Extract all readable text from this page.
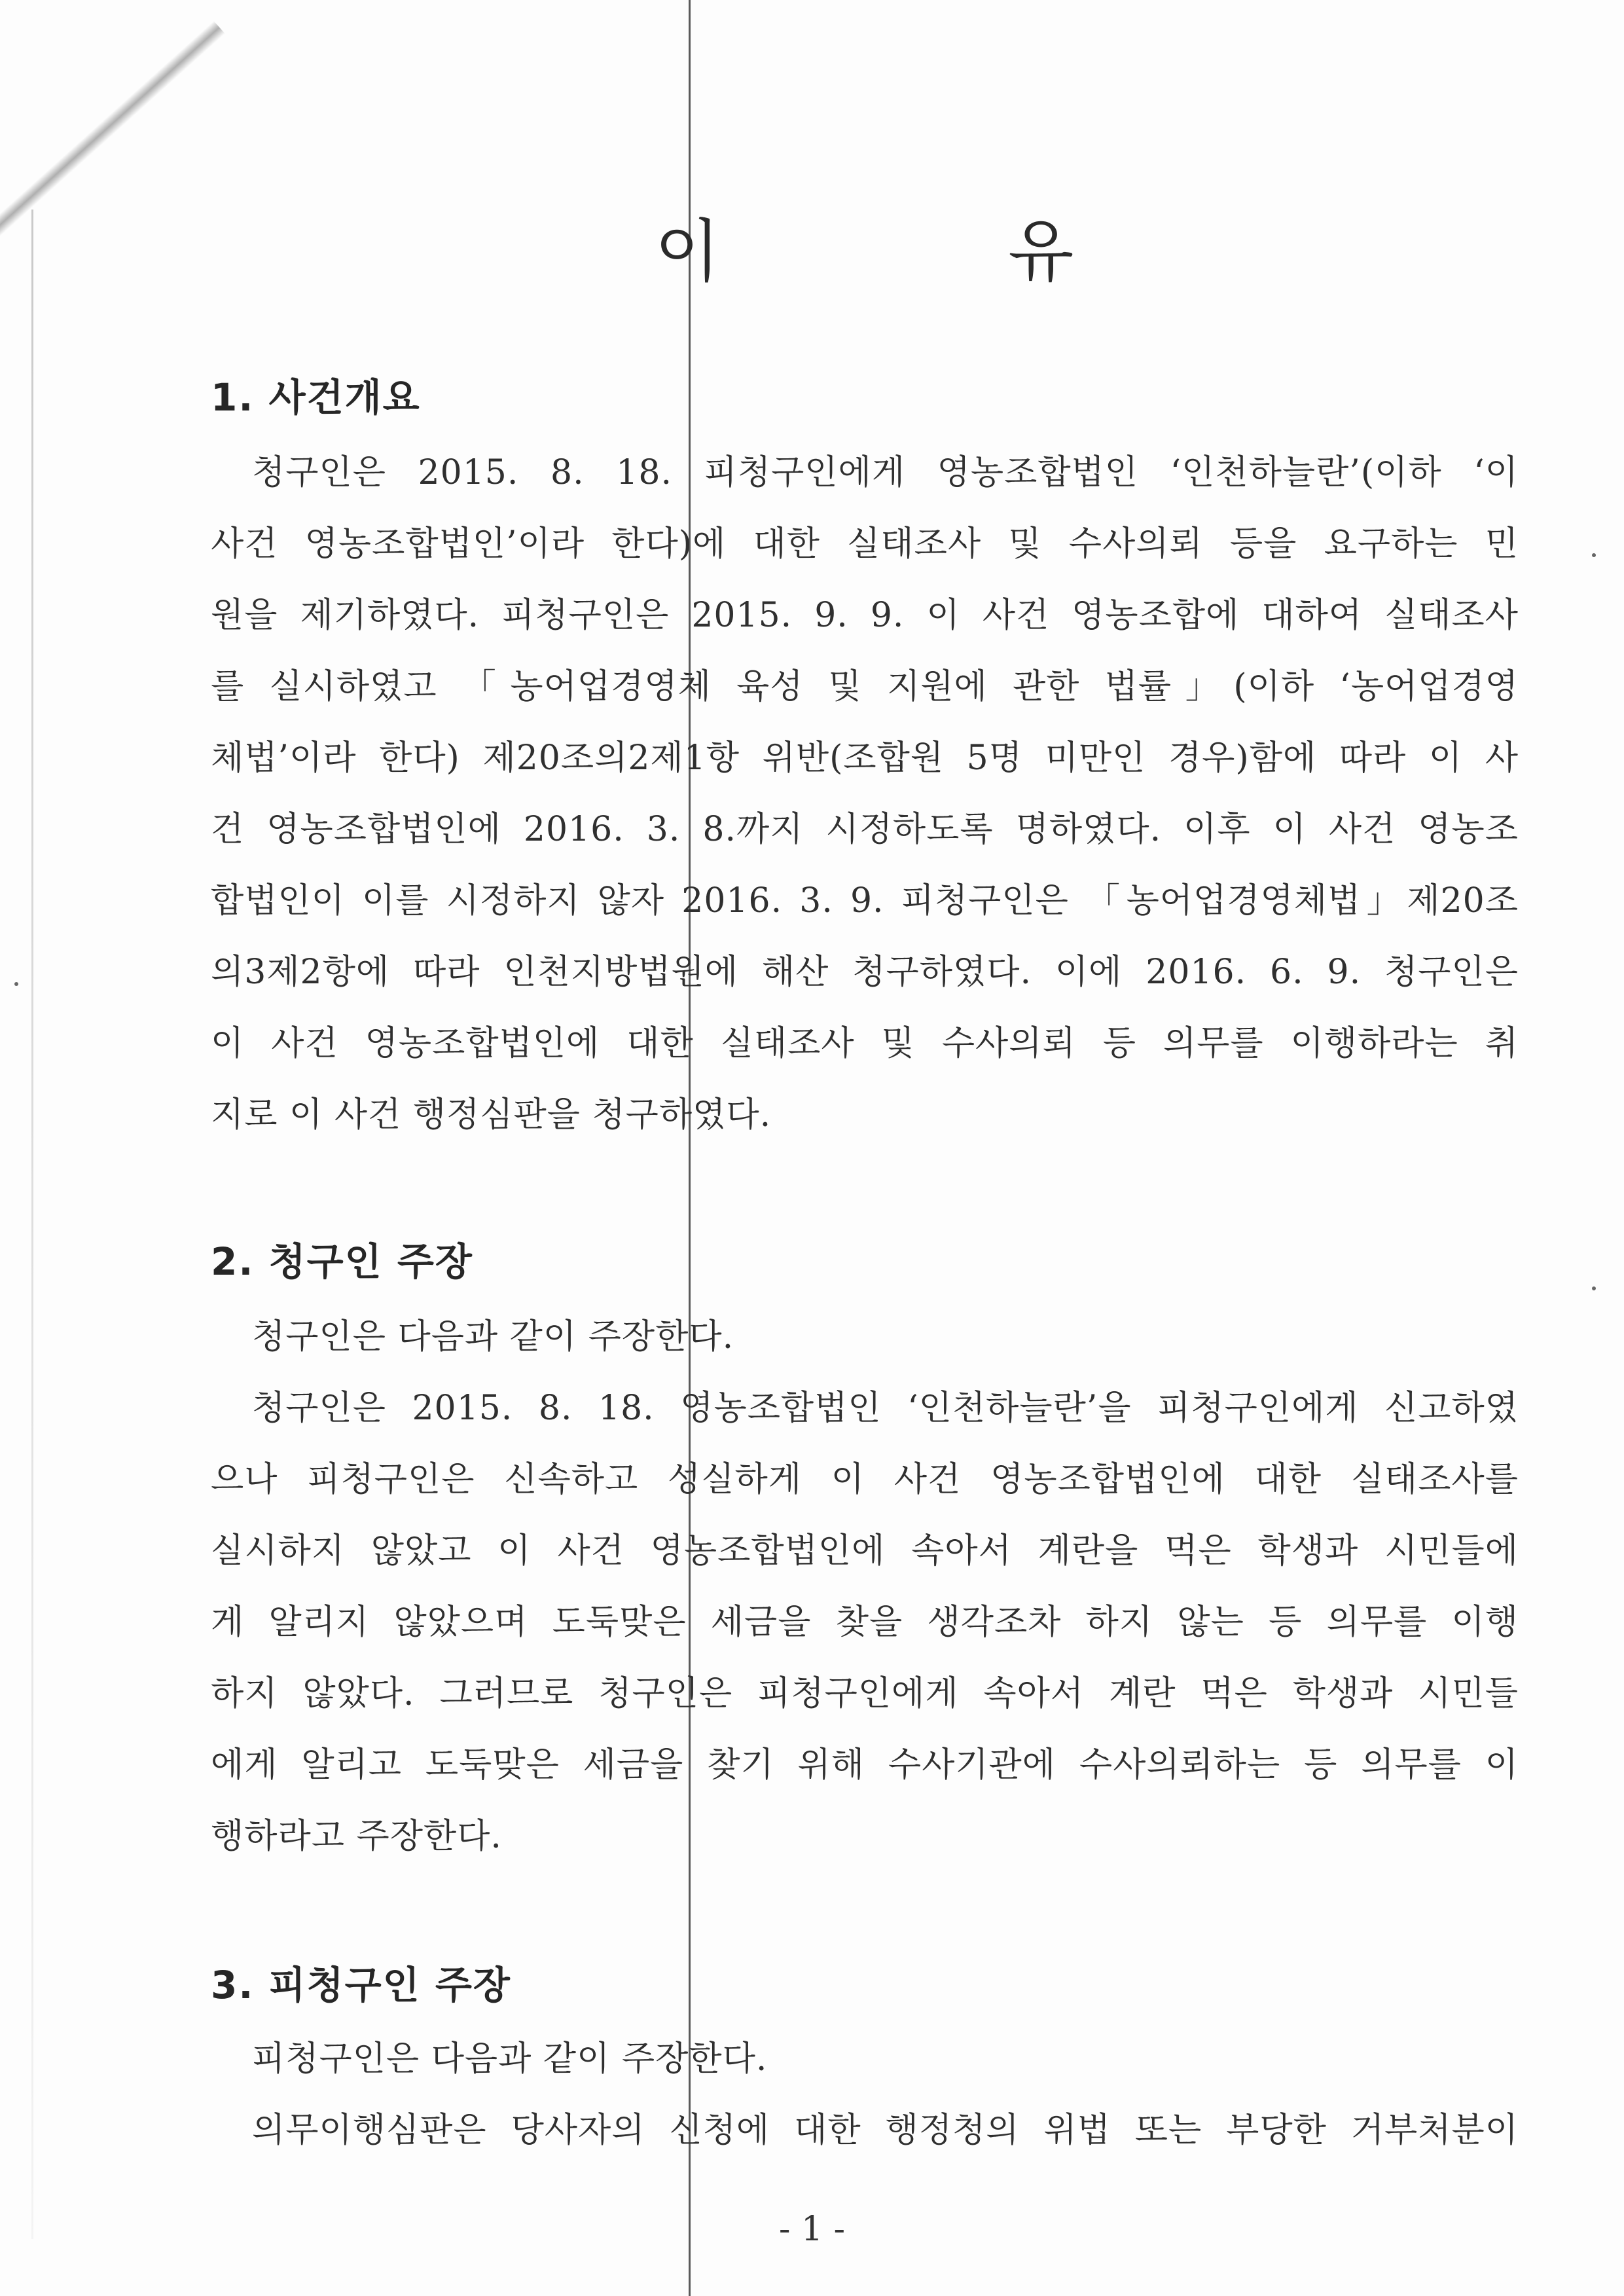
이	유
1. 사건개요
청구인은 2015. 8. 18. 피청구인에게 영농조합법인 ‘인천하늘란’(이하 ‘이
사건 영농조합법인’이라 한다)에 대한 실태조사 및 수사의뢰 등을 요구하는 민
원을 제기하였다. 피청구인은 2015. 9. 9. 이 사건 영농조합에 대하여 실태조사
를 실시하였고 「농어업경영체 육성 및 지원에 관한 법률」(이하 ‘농어업경영
체법’이라 한다) 제20조의2제1항 위반(조합원 5명 미만인 경우)함에 따라 이 사
건 영농조합법인에 2016. 3. 8.까지 시정하도록 명하였다. 이후 이 사건 영농조
합법인이 이를 시정하지 않자 2016. 3. 9. 피청구인은 「농어업경영체법」제20조
의3제2항에 따라 인천지방법원에 해산 청구하였다. 이에 2016. 6. 9. 청구인은
이 사건 영농조합법인에 대한 실태조사 및 수사의뢰 등 의무를 이행하라는 취
지로 이 사건 행정심판을 청구하였다.
2. 청구인 주장
청구인은 다음과 같이 주장한다.
청구인은 2015. 8. 18. 영농조합법인 ‘인천하늘란’을 피청구인에게 신고하였
으나 피청구인은 신속하고 성실하게 이 사건 영농조합법인에 대한 실태조사를
실시하지 않았고 이 사건 영농조합법인에 속아서 계란을 먹은 학생과 시민들에
게 알리지 않았으며 도둑맞은 세금을 찾을 생각조차 하지 않는 등 의무를 이행
하지 않았다. 그러므로 청구인은 피청구인에게 속아서 계란 먹은 학생과 시민들
에게 알리고 도둑맞은 세금을 찾기 위해 수사기관에 수사의뢰하는 등 의무를 이
행하라고 주장한다.
3. 피청구인 주장
피청구인은 다음과 같이 주장한다.
의무이행심판은 당사자의 신청에 대한 행정청의 위법 또는 부당한 거부처분이
- 1 -
